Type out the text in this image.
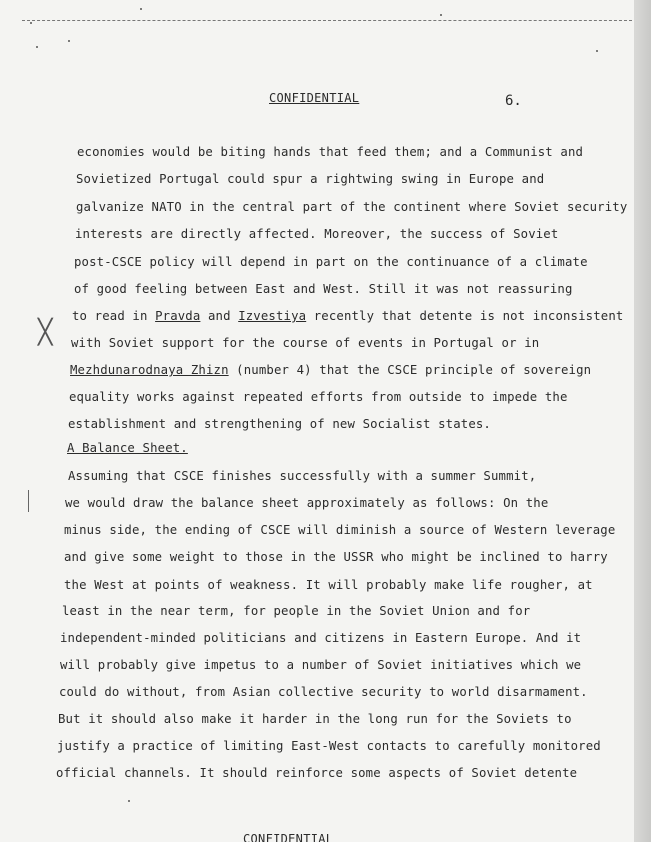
CONFIDENTIAL	6.
╳
economies would be biting hands that feed them; and a Communist and
Sovietized Portugal could spur a rightwing swing in Europe and
galvanize NATO in the central part of the continent where Soviet security
interests are directly affected. Moreover, the success of Soviet
post-CSCE policy will depend in part on the continuance of a climate
of good feeling between East and West. Still it was not reassuring
to read in Pravda and Izvestiya recently that detente is not inconsistent
with Soviet support for the course of events in Portugal or in
Mezhdunarodnaya Zhizn (number 4) that the CSCE principle of sovereign
equality works against repeated efforts from outside to impede the
establishment and strengthening of new Socialist states.
A Balance Sheet.
Assuming that CSCE finishes successfully with a summer Summit,
we would draw the balance sheet approximately as follows: On the
minus side, the ending of CSCE will diminish a source of Western leverage
and give some weight to those in the USSR who might be inclined to harry
the West at points of weakness. It will probably make life rougher, at
least in the near term, for people in the Soviet Union and for
independent-minded politicians and citizens in Eastern Europe. And it
will probably give impetus to a number of Soviet initiatives which we
could do without, from Asian collective security to world disarmament.
But it should also make it harder in the long run for the Soviets to
justify a practice of limiting East-West contacts to carefully monitored
official channels. It should reinforce some aspects of Soviet detente
CONFIDENTIAL
